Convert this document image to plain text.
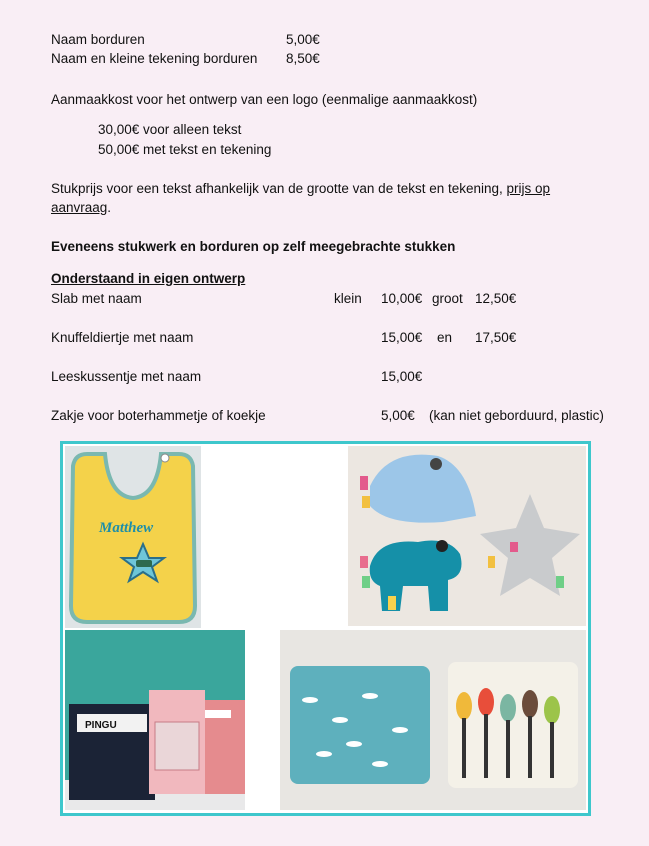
Naam borduren	5,00€
Naam en kleine tekening borduren 8,50€
Aanmaakkost voor het ontwerp van een logo (eenmalige aanmaakkost)
30,00€ voor alleen tekst
50,00€ met tekst en tekening
Stukprijs voor een tekst afhankelijk van de grootte van de tekst en tekening, prijs op
aanvraag.
Eveneens stukwerk en borduren op zelf meegebrachte stukken
Onderstaand in eigen ontwerp
Slab met naam	klein 10,00€ groot 12,50€
Knuffeldiertje met naam	15,00€ en 17,50€
Leeskussentje met naam	15,00€
Zakje voor boterhammetje of koekje	5,00€ (kan niet geborduurd, plastic)
Matthew
PINGU
